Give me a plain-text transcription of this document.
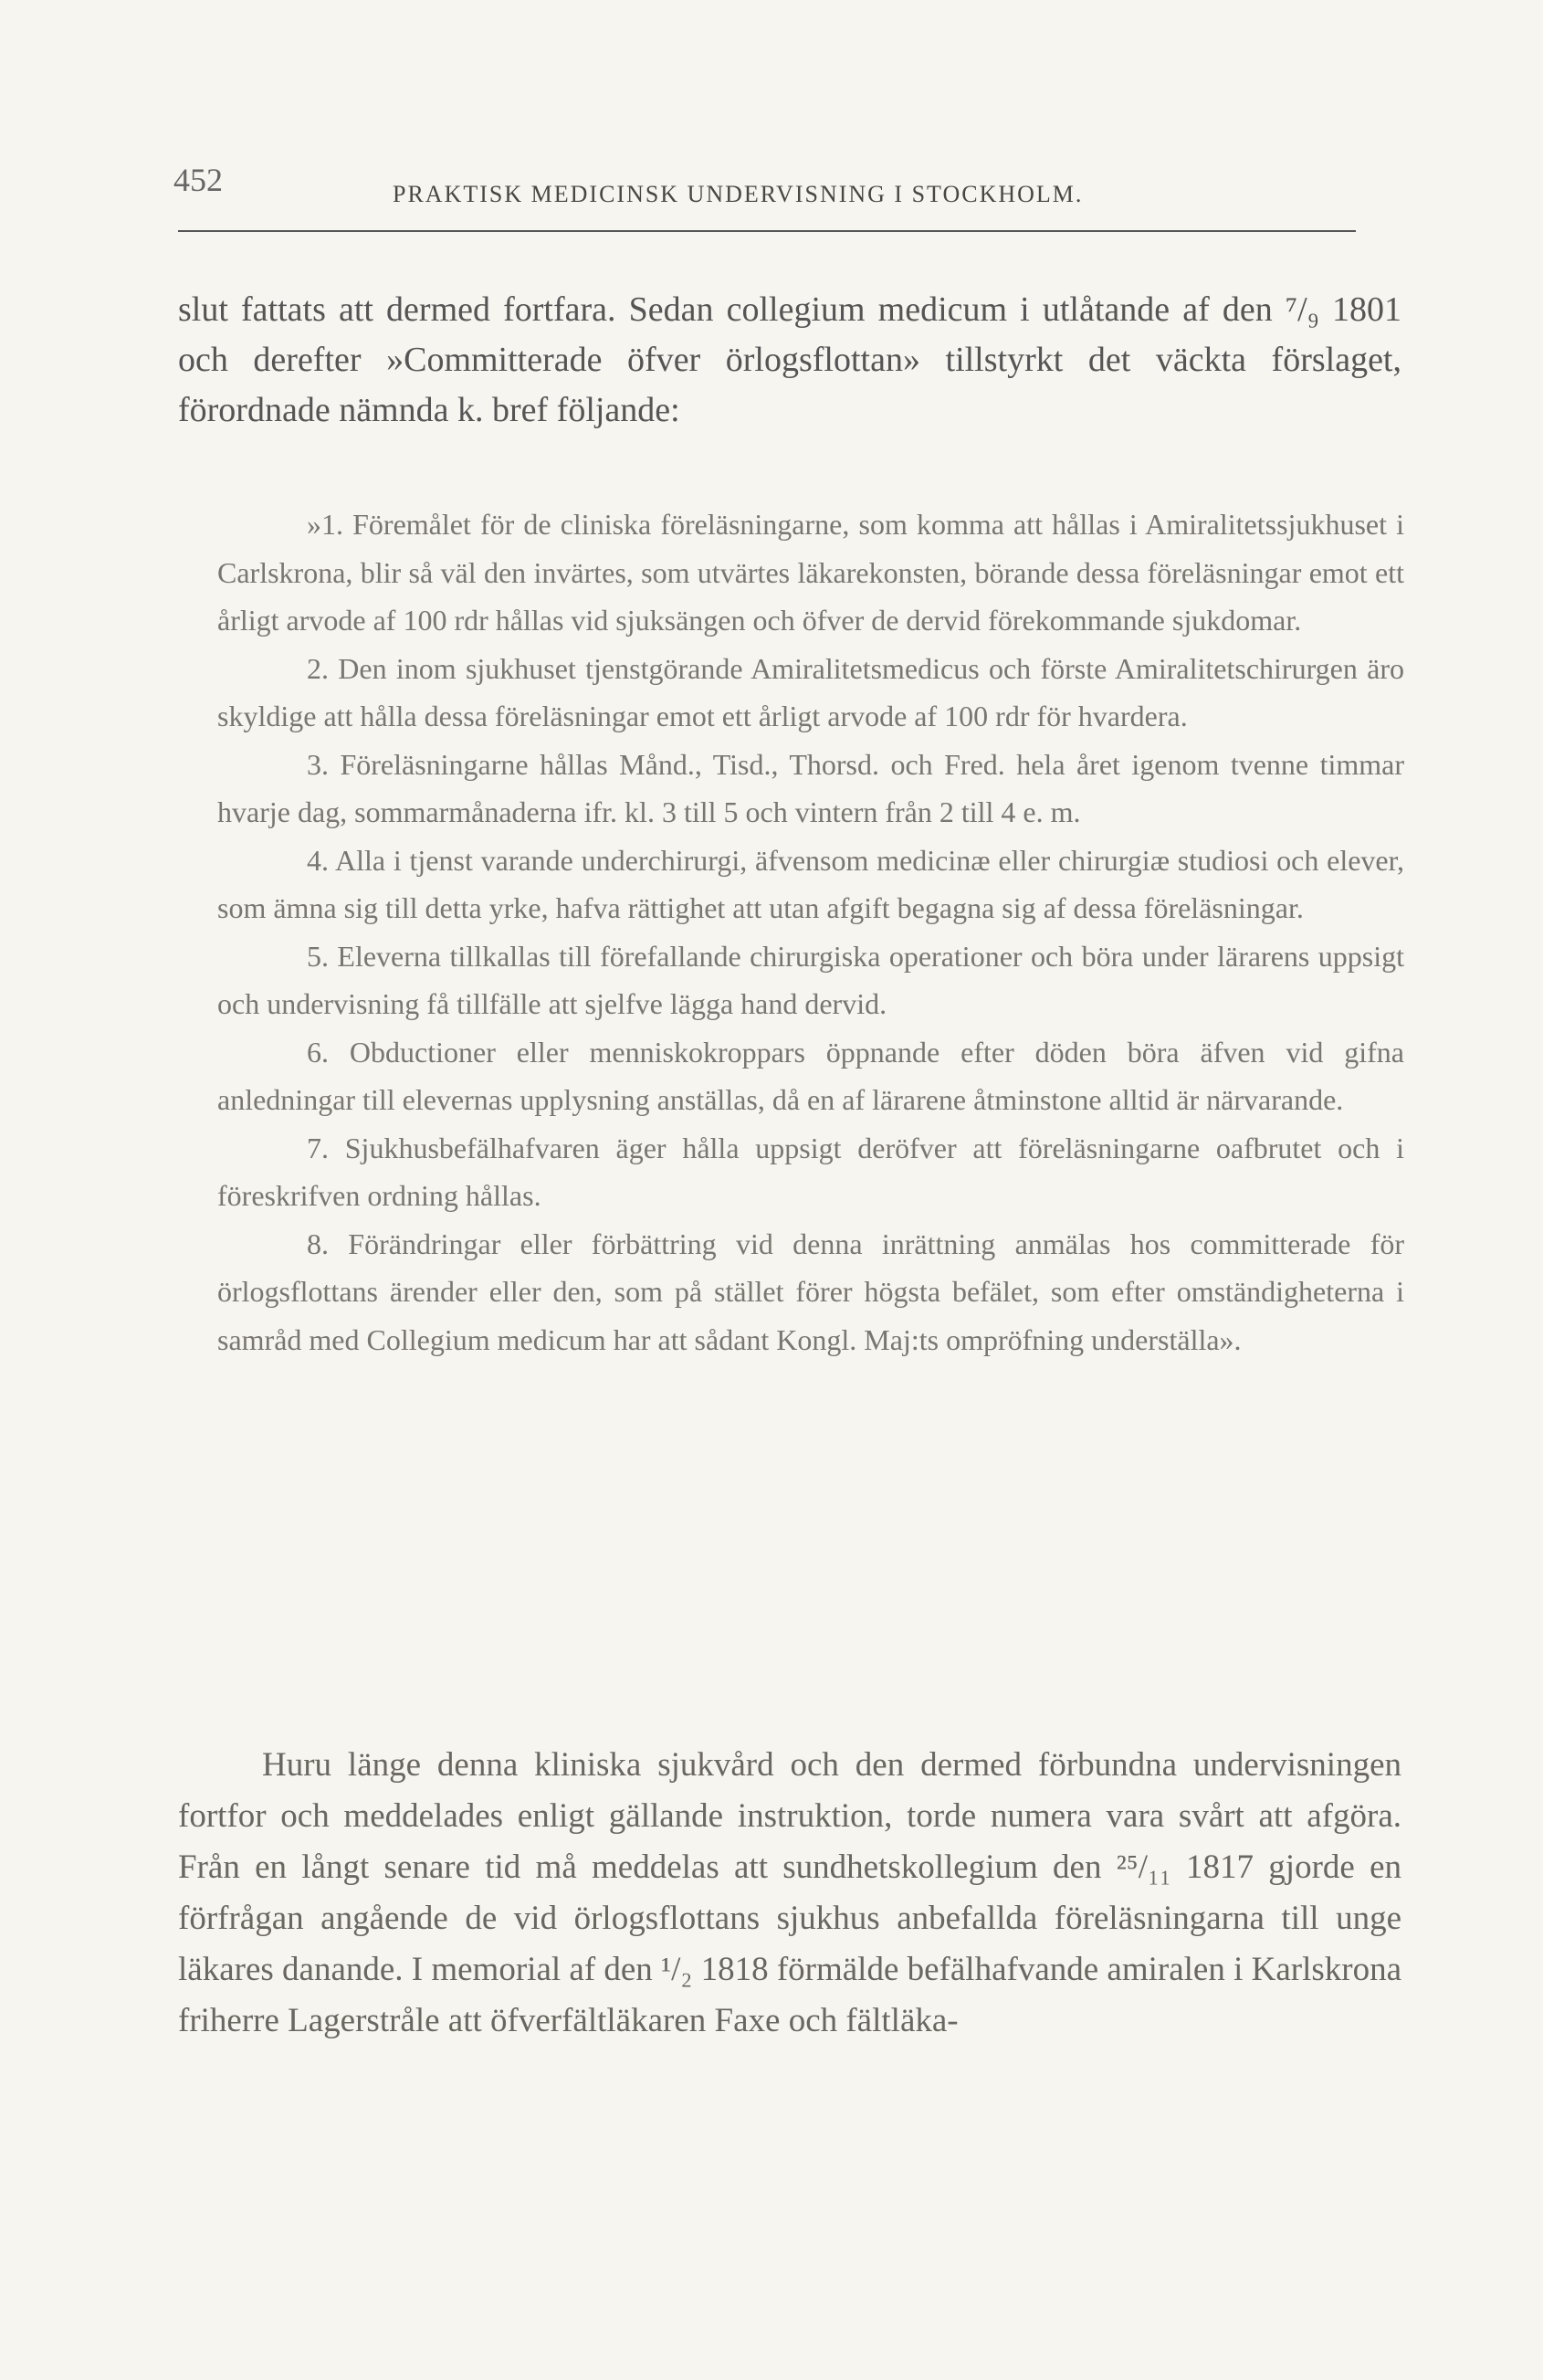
452	PRAKTISK MEDICINSK UNDERVISNING I STOCKHOLM.

slut fattats att dermed fortfara. Sedan collegium medicum i utlåtande af den ⁷/₉ 1801 och derefter »Committerade öfver örlogsflottan» tillstyrkt det väckta förslaget, förordnade nämnda k. bref följande:

»1. Föremålet för de cliniska föreläsningarne, som komma att hållas i Amiralitetssjukhuset i Carlskrona, blir så väl den invärtes, som utvärtes läkarekonsten, börande dessa föreläsningar emot ett årligt arvode af 100 rdr hållas vid sjuksängen och öfver de dervid förekommande sjukdomar.

2. Den inom sjukhuset tjenstgörande Amiralitetsmedicus och förste Amiralitetschirurgen äro skyldige att hålla dessa föreläsningar emot ett årligt arvode af 100 rdr för hvardera.

3. Föreläsningarne hållas Månd., Tisd., Thorsd. och Fred. hela året igenom tvenne timmar hvarje dag, sommarmånaderna ifr. kl. 3 till 5 och vintern från 2 till 4 e. m.

4. Alla i tjenst varande underchirurgi, äfvensom medicinæ eller chirurgiæ studiosi och elever, som ämna sig till detta yrke, hafva rättighet att utan afgift begagna sig af dessa föreläsningar.

5. Eleverna tillkallas till förefallande chirurgiska operationer och böra under lärarens uppsigt och undervisning få tillfälle att sjelfve lägga hand dervid.

6. Obductioner eller menniskokroppars öppnande efter döden böra äfven vid gifna anledningar till elevernas upplysning anställas, då en af lärarene åtminstone alltid är närvarande.

7. Sjukhusbefälhafvaren äger hålla uppsigt deröfver att föreläsningarne oafbrutet och i föreskrifven ordning hållas.

8. Förändringar eller förbättring vid denna inrättning anmälas hos committerade för örlogsflottans ärender eller den, som på stället förer högsta befälet, som efter omständigheterna i samråd med Collegium medicum har att sådant Kongl. Maj:ts ompröfning underställa».

Huru länge denna kliniska sjukvård och den dermed förbundna undervisningen fortfor och meddelades enligt gällande instruktion, torde numera vara svårt att afgöra. Från en långt senare tid må meddelas att sundhetskollegium den ²⁵/₁₁ 1817 gjorde en förfrågan angående de vid örlogsflottans sjukhus anbefallda föreläsningarna till unge läkares danande. I memorial af den ¹/₂ 1818 förmälde befälhafvande amiralen i Karlskrona friherre Lagerstråle att öfverfältläkaren Faxe och fältläka-
